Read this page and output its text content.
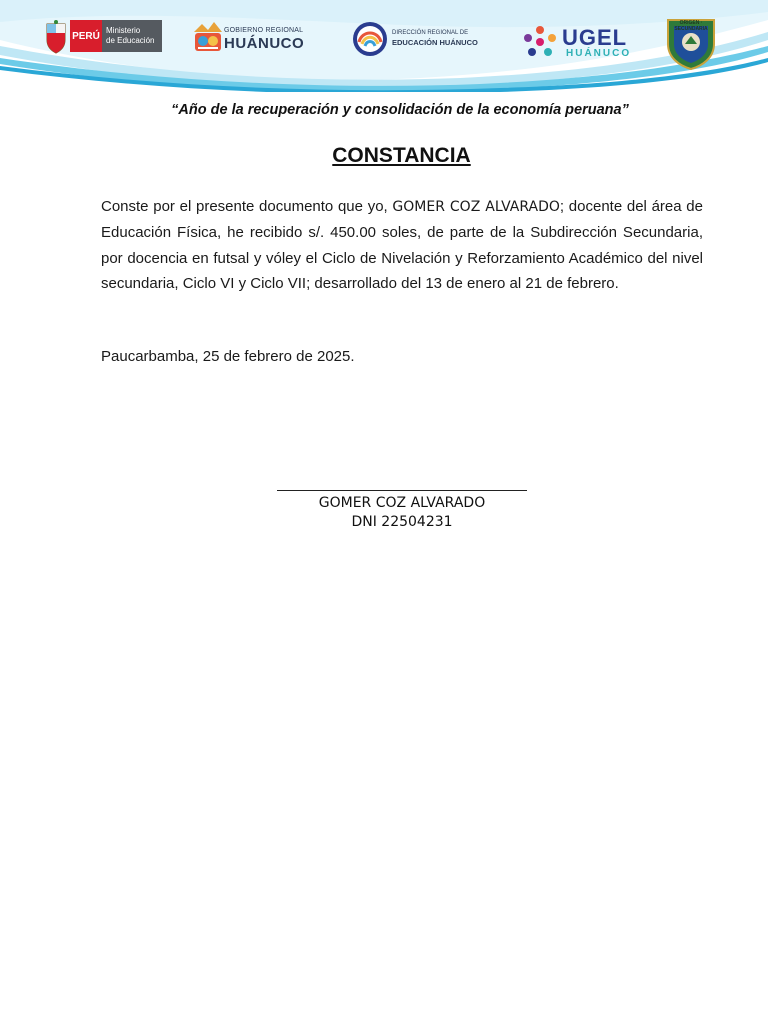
PERÚ Ministerio
de Educación
GOBIERNO REGIONAL
HUÁNUCO
DIRECCIÓN REGIONAL DE
EDUCACIÓN HUÁNUCO	UGEL
HUÁNUCO
ORIGEN · SECUNDARIA
“Año de la recuperación y consolidación de la economía peruana”
CONSTANCIA
Conste por el presente documento que yo, GOMER COZ ALVARADO; docente del área de Educación Física, he recibido s/. 450.00 soles, de parte de la Subdirección Secundaria, por docencia en futsal y vóley el Ciclo de Nivelación y Reforzamiento Académico del nivel secundaria, Ciclo VI y Ciclo VII; desarrollado del 13 de enero al 21 de febrero.
Paucarbamba, 25 de febrero de 2025.
GOMER COZ ALVARADO
DNI 22504231
